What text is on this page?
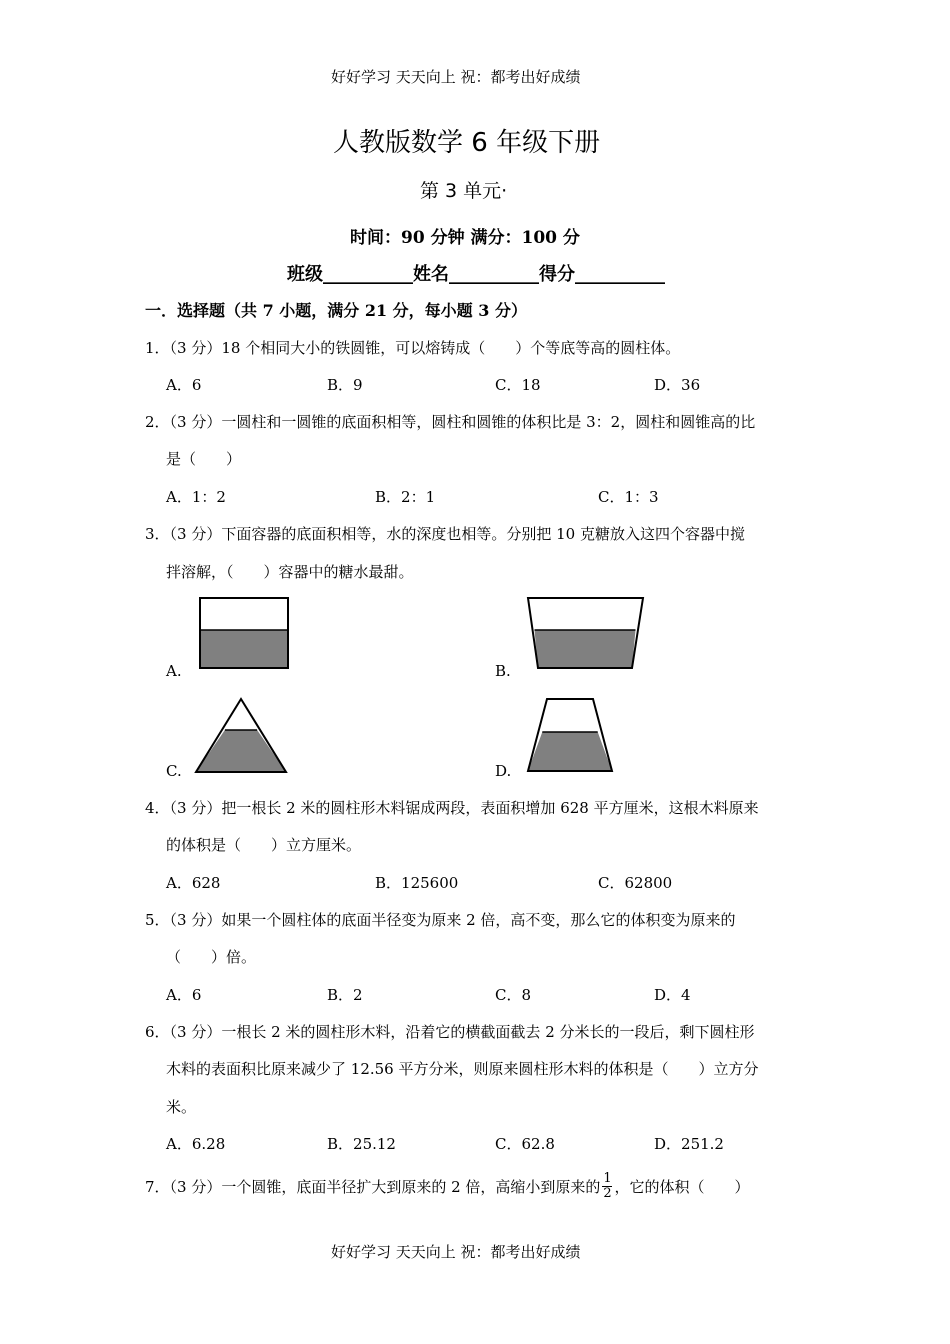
好好学习 天天向上 祝：都考出好成绩
人教版数学 6 年级下册
第 3 单元·
时间：90 分钟 满分：100 分
班级__________姓名__________得分__________
一．选择题（共 7 小题，满分 21 分，每小题 3 分）
1．（3 分）18 个相同大小的铁圆锥，可以熔铸成（　　）个等底等高的圆柱体。
A．6	B．9	C．18	D．36
2．（3 分）一圆柱和一圆锥的底面积相等，圆柱和圆锥的体积比是 3：2，圆柱和圆锥高的比
是（　　）
A．1：2	B．2：1	C．1：3
3．（3 分）下面容器的底面积相等，水的深度也相等。分别把 10 克糖放入这四个容器中搅
拌溶解，（　　）容器中的糖水最甜。
A.	B.
C.	D.
4．（3 分）把一根长 2 米的圆柱形木料锯成两段，表面积增加 628 平方厘米，这根木料原来
的体积是（　　）立方厘米。
A．628	B．125600	C．62800
5．（3 分）如果一个圆柱体的底面半径变为原来 2 倍，高不变，那么它的体积变为原来的
（　　）倍。
A．6	B．2	C．8	D．4
6．（3 分）一根长 2 米的圆柱形木料，沿着它的横截面截去 2 分米长的一段后，剩下圆柱形
木料的表面积比原来减少了 12.56 平方分米，则原来圆柱形木料的体积是（　　）立方分
米。
A．6.28	B．25.12	C．62.8	D．251.2
7．（3 分）一个圆锥，底面半径扩大到原来的 2 倍，高缩小到原来的 $\frac{1}{2}$ ，它的体积（　　）
好好学习 天天向上 祝：都考出好成绩
